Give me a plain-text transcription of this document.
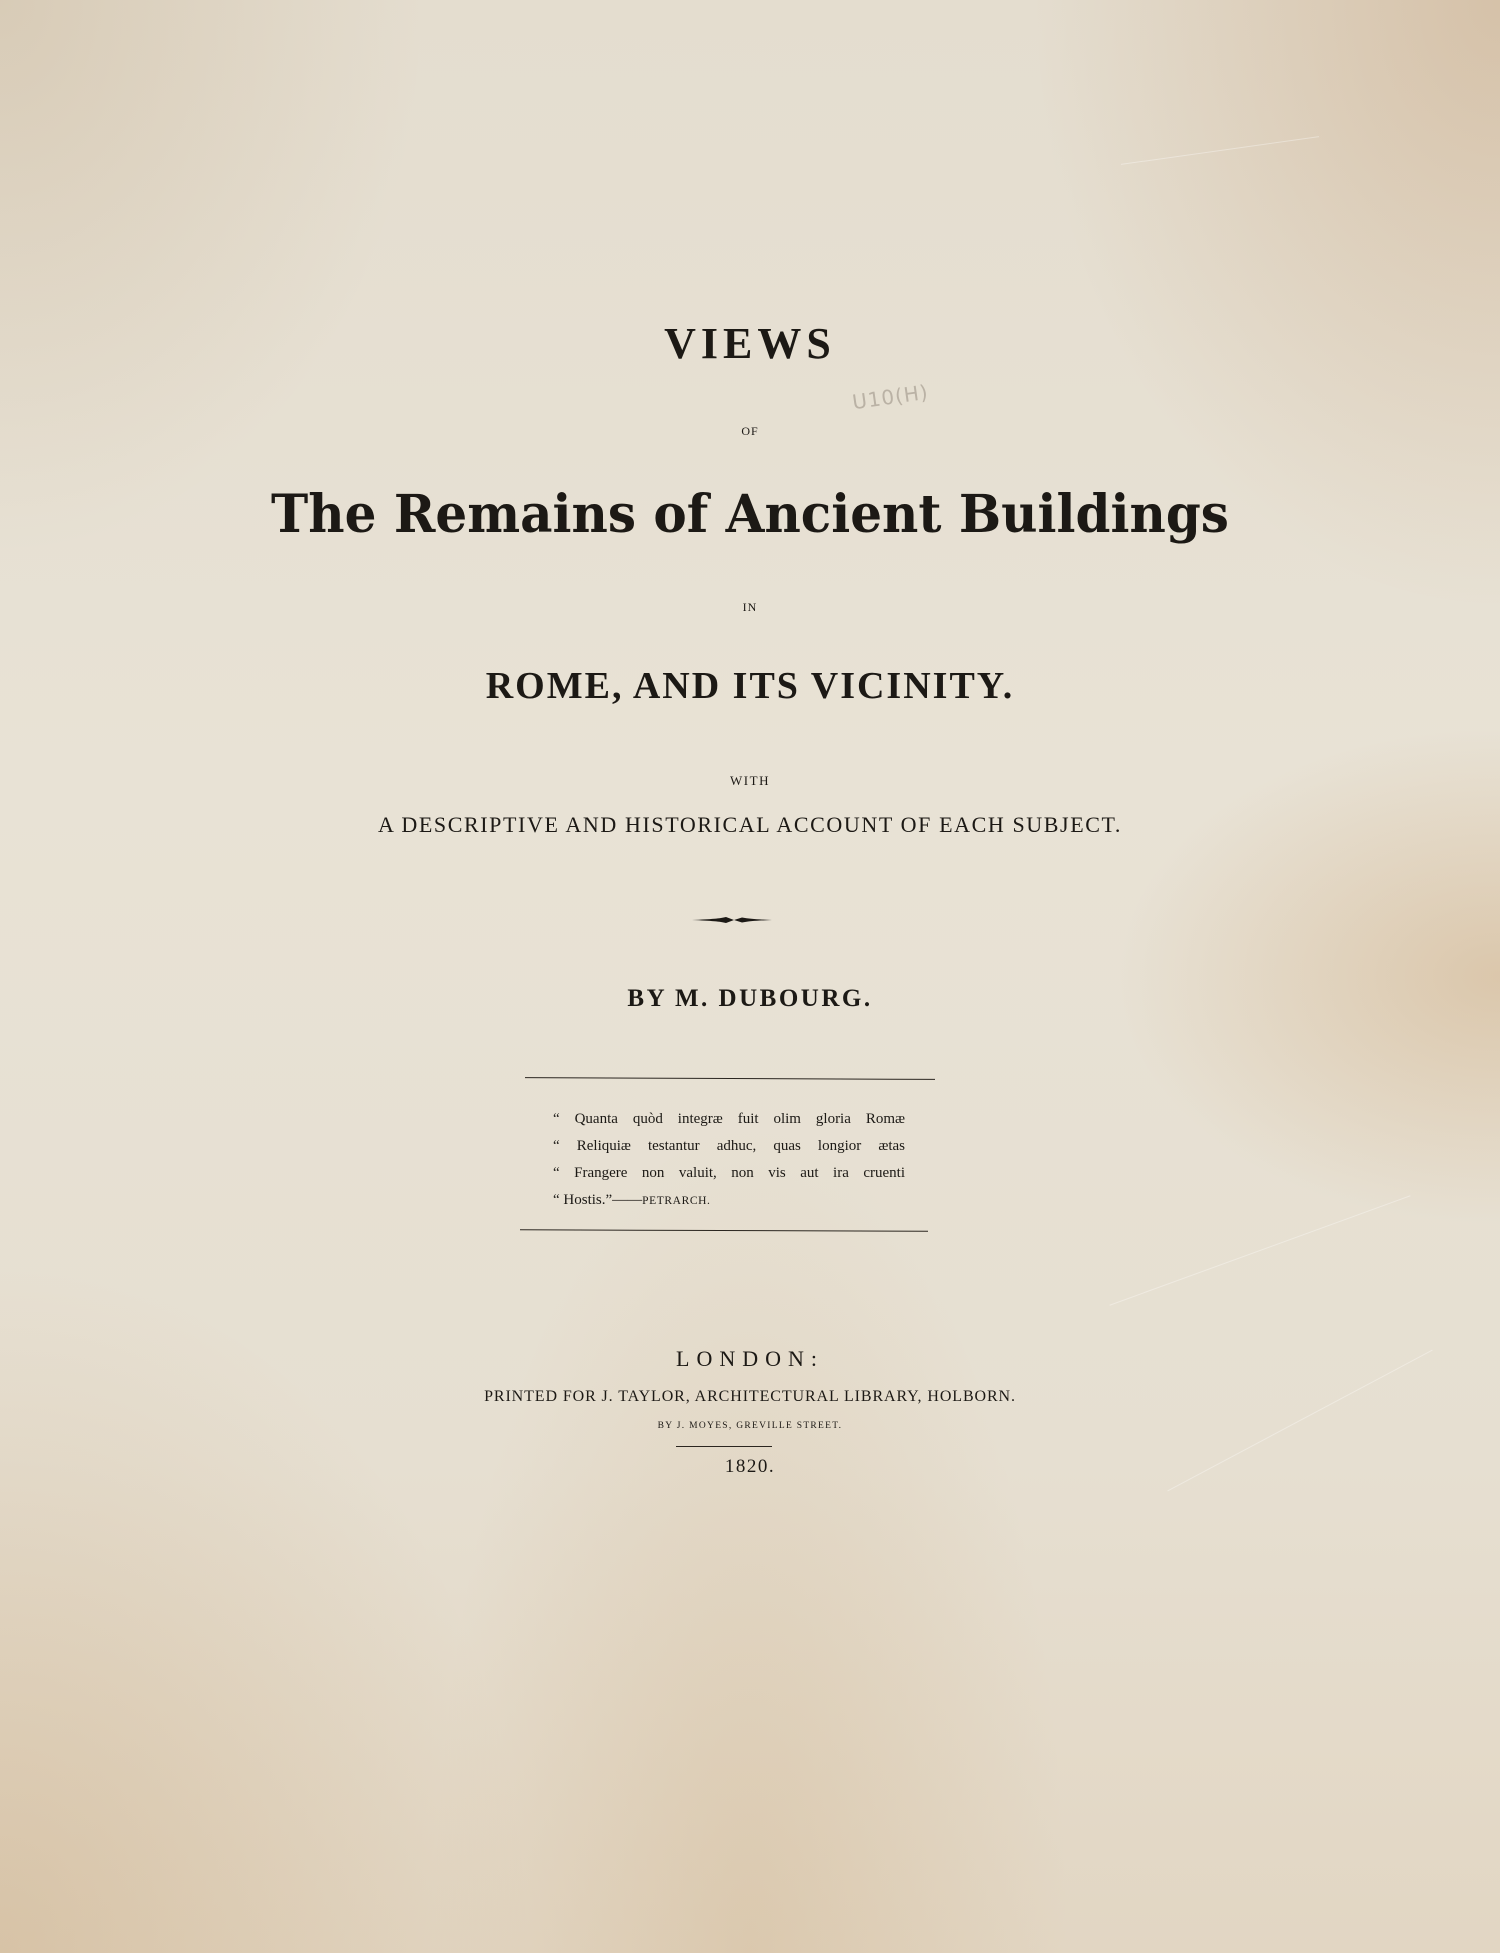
U10(H)
VIEWS
OF
The Remains of Ancient Buildings
IN
ROME, AND ITS VICINITY.
WITH
A DESCRIPTIVE AND HISTORICAL ACCOUNT OF EACH SUBJECT.
BY M. DUBOURG.
“ Quanta quòd integræ fuit olim gloria Romæ
“ Reliquiæ testantur adhuc, quas longior ætas
“ Frangere non valuit, non vis aut ira cruenti
“ Hostis.”——PETRARCH.
LONDON:
PRINTED FOR J. TAYLOR, ARCHITECTURAL LIBRARY, HOLBORN.
BY J. MOYES, GREVILLE STREET.
1820.
